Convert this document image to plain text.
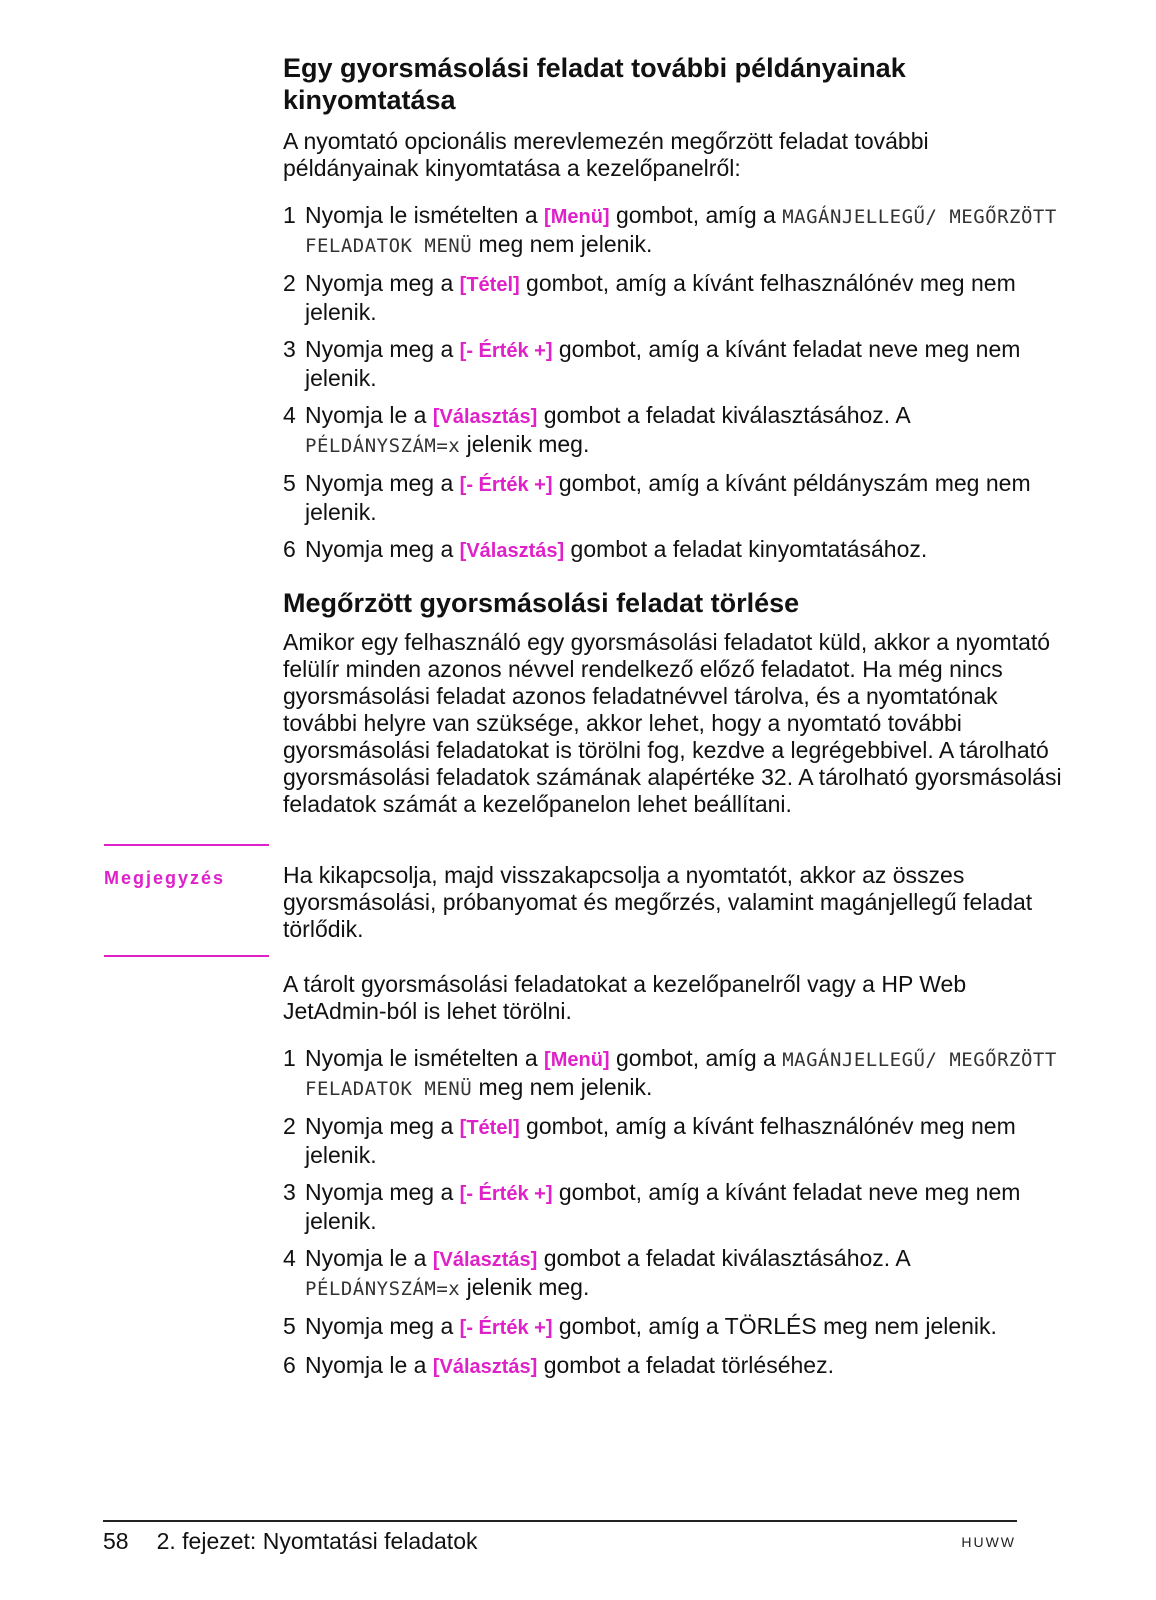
Egy gyorsmásolási feladat további példányainak kinyomtatása

A nyomtató opcionális merevlemezén megőrzött feladat további példányainak kinyomtatása a kezelőpanelről:

1 Nyomja le ismételten a [Menü] gombot, amíg a MAGÁNJELLEGŰ/ MEGŐRZÖTT FELADATOK MENÜ meg nem jelenik.
2 Nyomja meg a [Tétel] gombot, amíg a kívánt felhasználónév meg nem jelenik.
3 Nyomja meg a [- Érték +] gombot, amíg a kívánt feladat neve meg nem jelenik.
4 Nyomja le a [Választás] gombot a feladat kiválasztásához. A PÉLDÁNYSZÁM=x jelenik meg.
5 Nyomja meg a [- Érték +] gombot, amíg a kívánt példányszám meg nem jelenik.
6 Nyomja meg a [Választás] gombot a feladat kinyomtatásához.
Megőrzött gyorsmásolási feladat törlése

Amikor egy felhasználó egy gyorsmásolási feladatot küld, akkor a nyomtató felülír minden azonos névvel rendelkező előző feladatot. Ha még nincs gyorsmásolási feladat azonos feladatnévvel tárolva, és a nyomtatónak további helyre van szüksége, akkor lehet, hogy a nyomtató további gyorsmásolási feladatokat is törölni fog, kezdve a legrégebbivel. A tárolható gyorsmásolási feladatok számának alapértéke 32. A tárolható gyorsmásolási feladatok számát a kezelőpanelon lehet beállítani.

Megjegyzés	Ha kikapcsolja, majd visszakapcsolja a nyomtatót, akkor az összes gyorsmásolási, próbanyomat és megőrzés, valamint magánjellegű feladat törlődik.

A tárolt gyorsmásolási feladatokat a kezelőpanelről vagy a HP Web JetAdmin-ból is lehet törölni.

1 Nyomja le ismételten a [Menü] gombot, amíg a MAGÁNJELLEGŰ/ MEGŐRZÖTT FELADATOK MENÜ meg nem jelenik.
2 Nyomja meg a [Tétel] gombot, amíg a kívánt felhasználónév meg nem jelenik.
3 Nyomja meg a [- Érték +] gombot, amíg a kívánt feladat neve meg nem jelenik.
4 Nyomja le a [Választás] gombot a feladat kiválasztásához. A PÉLDÁNYSZÁM=x jelenik meg.
5 Nyomja meg a [- Érték +] gombot, amíg a TÖRLÉS meg nem jelenik.
6 Nyomja le a [Választás] gombot a feladat törléséhez.
58 2. fejezet: Nyomtatási feladatok	HUWW
